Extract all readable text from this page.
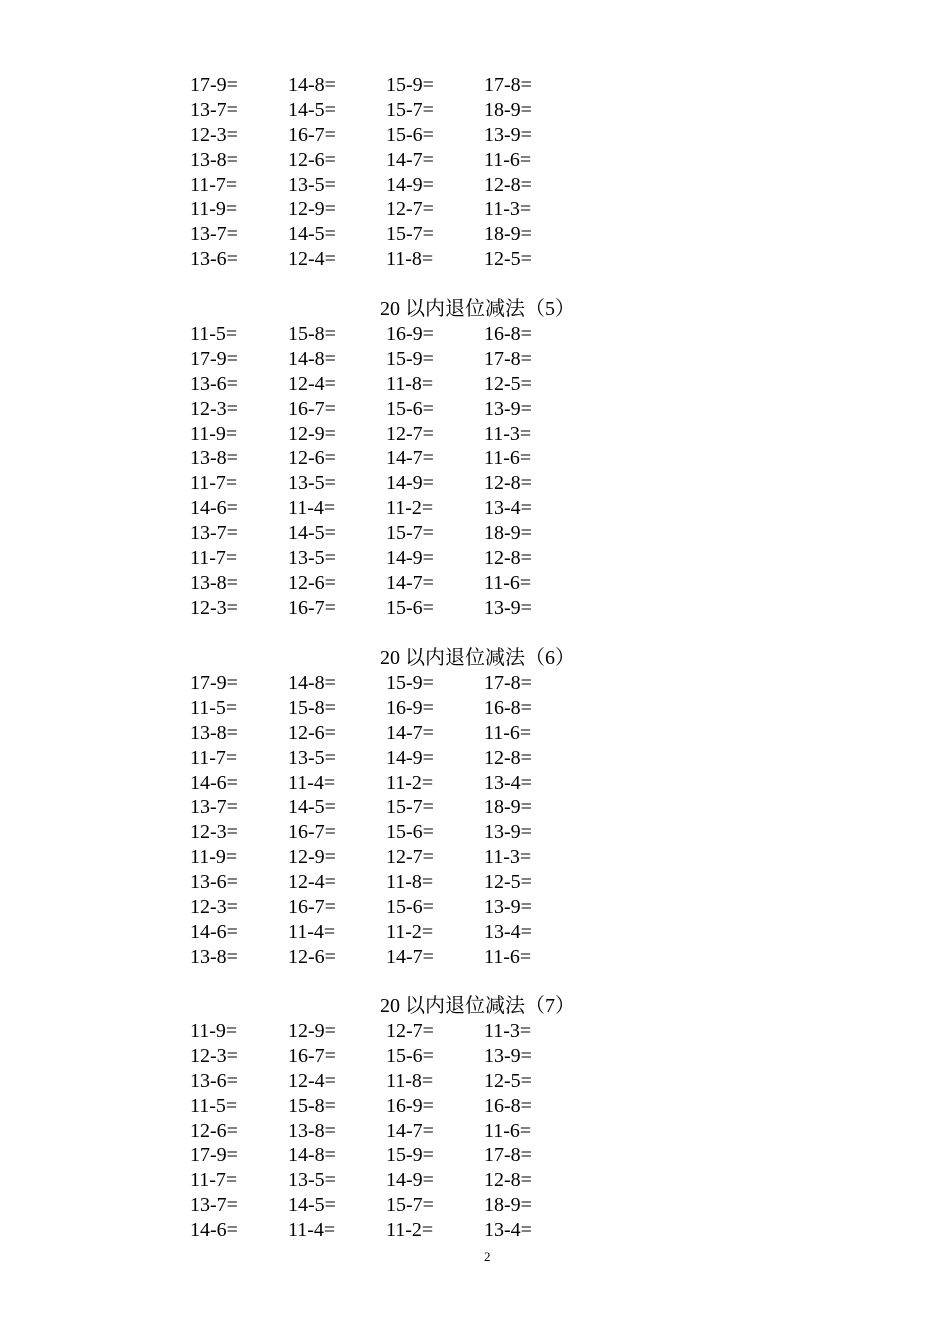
17-9=	14-8=	15-9=	17-8=
13-7=	14-5=	15-7=	18-9=
12-3=	16-7=	15-6=	13-9=
13-8=	12-6=	14-7=	11-6=
11-7=	13-5=	14-9=	12-8=
11-9=	12-9=	12-7=	11-3=
13-7=	14-5=	15-7=	18-9=
13-6=	12-4=	11-8=	12-5=
20 以内退位减法（5）
11-5=	15-8=	16-9=	16-8=
17-9=	14-8=	15-9=	17-8=
13-6=	12-4=	11-8=	12-5=
12-3=	16-7=	15-6=	13-9=
11-9=	12-9=	12-7=	11-3=
13-8=	12-6=	14-7=	11-6=
11-7=	13-5=	14-9=	12-8=
14-6=	11-4=	11-2=	13-4=
13-7=	14-5=	15-7=	18-9=
11-7=	13-5=	14-9=	12-8=
13-8=	12-6=	14-7=	11-6=
12-3=	16-7=	15-6=	13-9=
20 以内退位减法（6）
17-9=	14-8=	15-9=	17-8=
11-5=	15-8=	16-9=	16-8=
13-8=	12-6=	14-7=	11-6=
11-7=	13-5=	14-9=	12-8=
14-6=	11-4=	11-2=	13-4=
13-7=	14-5=	15-7=	18-9=
12-3=	16-7=	15-6=	13-9=
11-9=	12-9=	12-7=	11-3=
13-6=	12-4=	11-8=	12-5=
12-3=	16-7=	15-6=	13-9=
14-6=	11-4=	11-2=	13-4=
13-8=	12-6=	14-7=	11-6=
20 以内退位减法（7）
11-9=	12-9=	12-7=	11-3=
12-3=	16-7=	15-6=	13-9=
13-6=	12-4=	11-8=	12-5=
11-5=	15-8=	16-9=	16-8=
12-6=	13-8=	14-7=	11-6=
17-9=	14-8=	15-9=	17-8=
11-7=	13-5=	14-9=	12-8=
13-7=	14-5=	15-7=	18-9=
14-6=	11-4=	11-2=	13-4=
2
